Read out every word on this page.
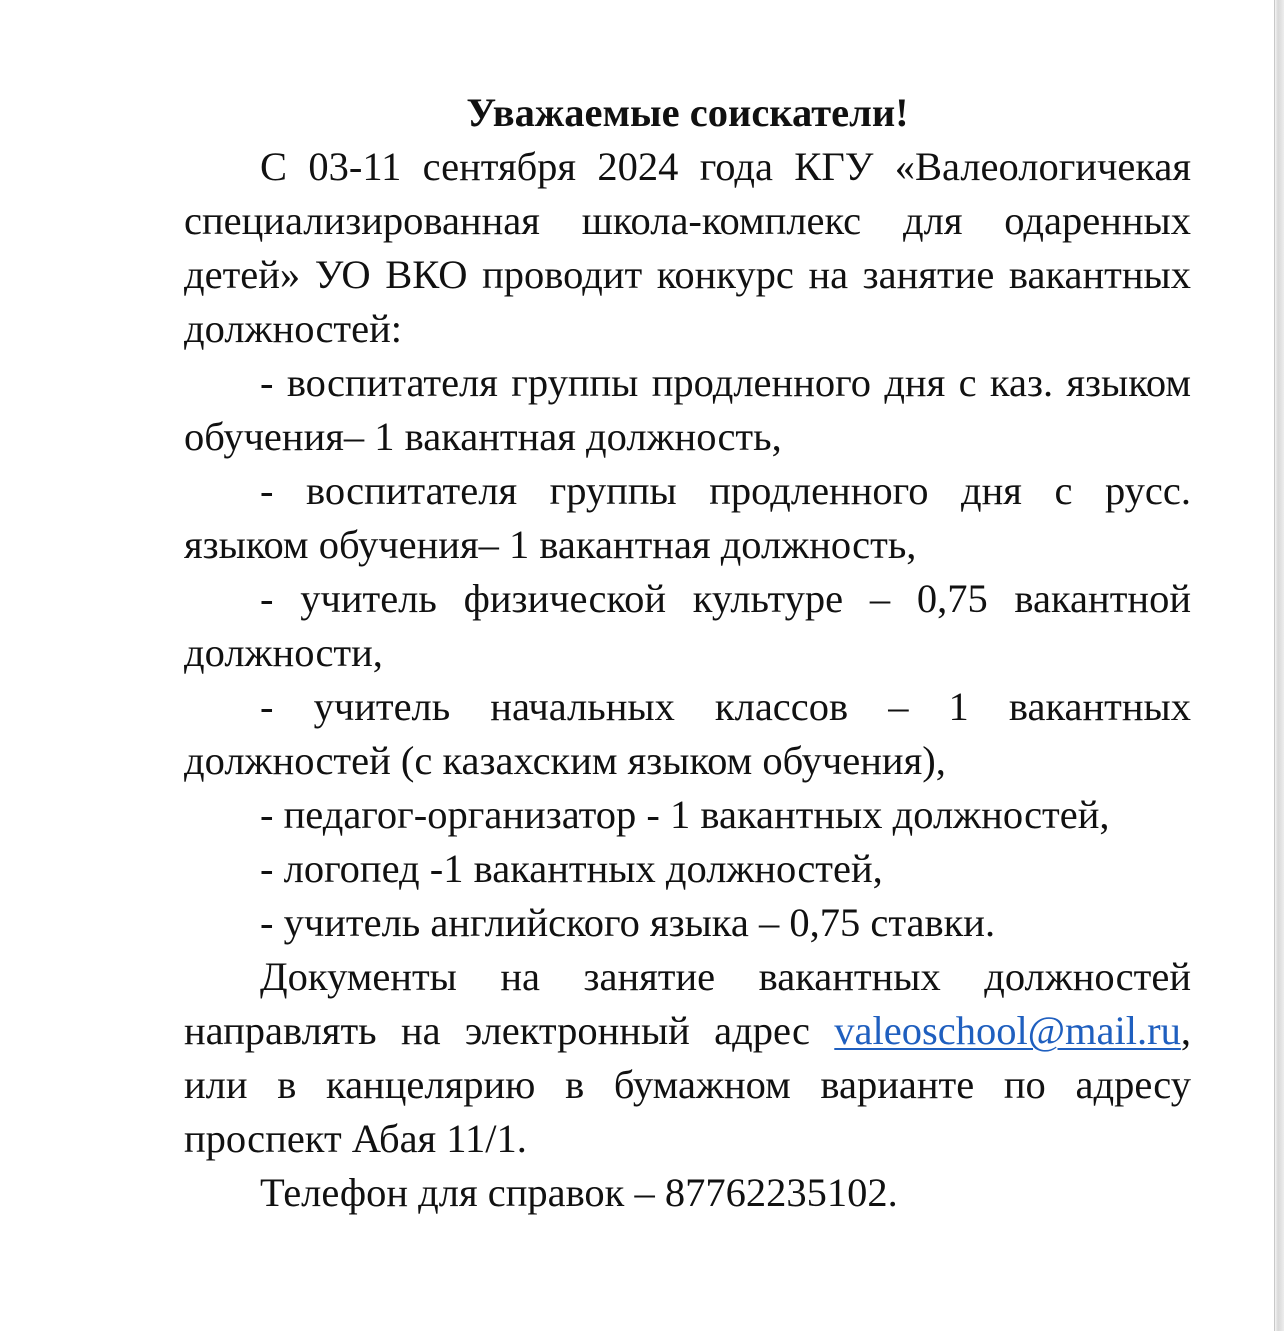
Уважаемые соискатели!

С 03-11 сентября 2024 года КГУ «Валеологичекая специализированная школа-комплекс для одаренных детей» УО ВКО проводит конкурс на занятие вакантных должностей:

- воспитателя группы продленного дня с каз. языком обучения– 1 вакантная должность,

- воспитателя группы продленного дня с русс. языком обучения– 1 вакантная должность,

- учитель физической культуре – 0,75 вакантной должности,

- учитель начальных классов – 1 вакантных должностей (с казахским языком обучения),

- педагог-организатор - 1 вакантных должностей,

- логопед -1 вакантных должностей,

- учитель английского языка – 0,75 ставки.

Документы на занятие вакантных должностей направлять на электронный адрес valeoschool@mail.ru, или в канцелярию в бумажном варианте по адресу проспект Абая 11/1.

Телефон для справок – 87762235102.
